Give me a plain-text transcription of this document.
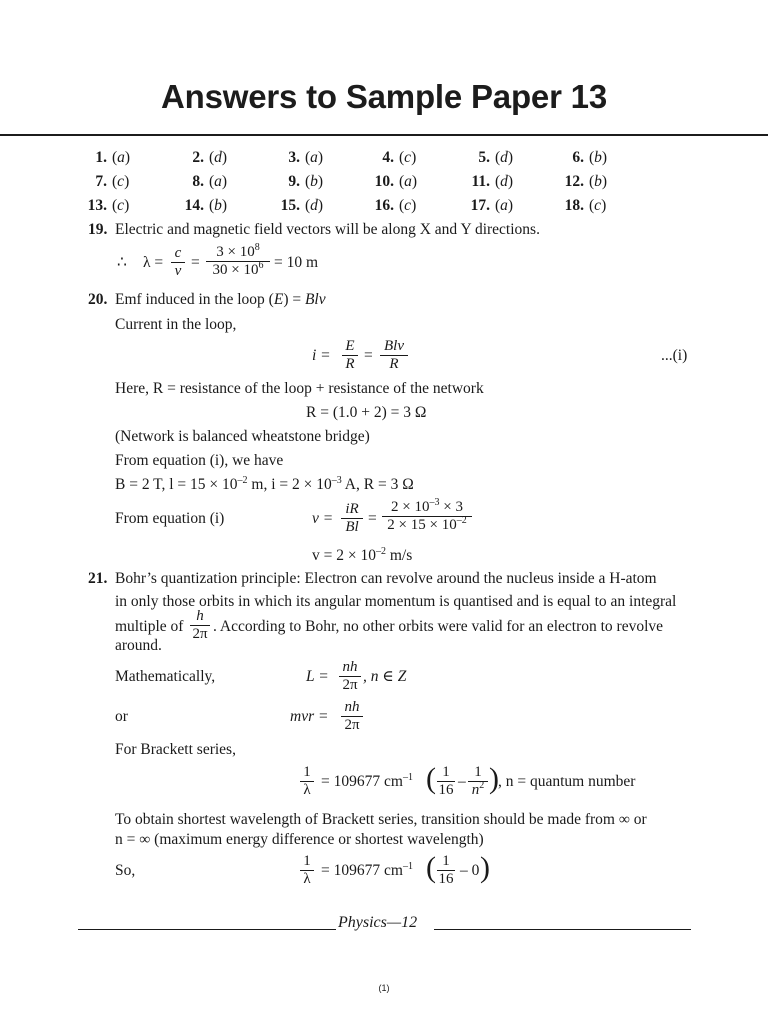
Answers to Sample Paper 13
1. (a)	2. (d)	3. (a)	4. (c)	5. (d)	6. (b)
7. (c)	8. (a)	9. (b)	10. (a)	11. (d)	12. (b)
13. (c)	14. (b)	15. (d)	16. (c)	17. (a)	18. (c)
19. Electric and magnetic field vectors will be along X and Y directions.
∴ $\lambda = \frac{c}{v} = \frac{3 \times 10^8}{30 \times 10^6} = 10$ m
20. Emf induced in the loop (E) = Blv
Current in the loop,
$i = \frac{E}{R}$ =
Blv
R	...(i)
Here, R = resistance of the loop + resistance of the network
R = (1.0 + 2) = 3 Ω
(Network is balanced wheatstone bridge)
From equation (i), we have
B = 2 T, $l = 15 \times 10^{-2}$ m, $i = 2 \times 10^{-3}$ A, R = 3 Ω
From equation (i)	$v = \frac{iR}{Bl} = \frac{2 \times 10^{-3} \times 3}{2 \times 15 \times 10^{-2}}$
$v = 2 \times 10^{-2}$ m/s
21. Bohr’s quantization principle: Electron can revolve around the nucleus inside a H-atom
in only those orbits in which its angular momentum is quantised and is equal to an integral
multiple of $\frac{h}{2\pi}$ . According to Bohr, no other orbits were valid for an electron to revolve
around.
Mathematically,	$L = \frac{nh}{2\pi}$ , n ∈ Z
or	mvr = $\frac{nh}{2\pi}$
For Brackett series,
$\frac{1}{\lambda} = 109677$ $cm^{-1}$ ( $\frac{1}{16} - \frac{1}{n^2}$ ) , n = quantum number
To obtain shortest wavelength of Brackett series, transition should be made from ∞ or
n = ∞ (maximum energy difference or shortest wavelength)
So,	$\frac{1}{\lambda} = 109677$ $cm^{-1}$ ( $\frac{1}{16} - 0$ )
Physics—12
(1)
